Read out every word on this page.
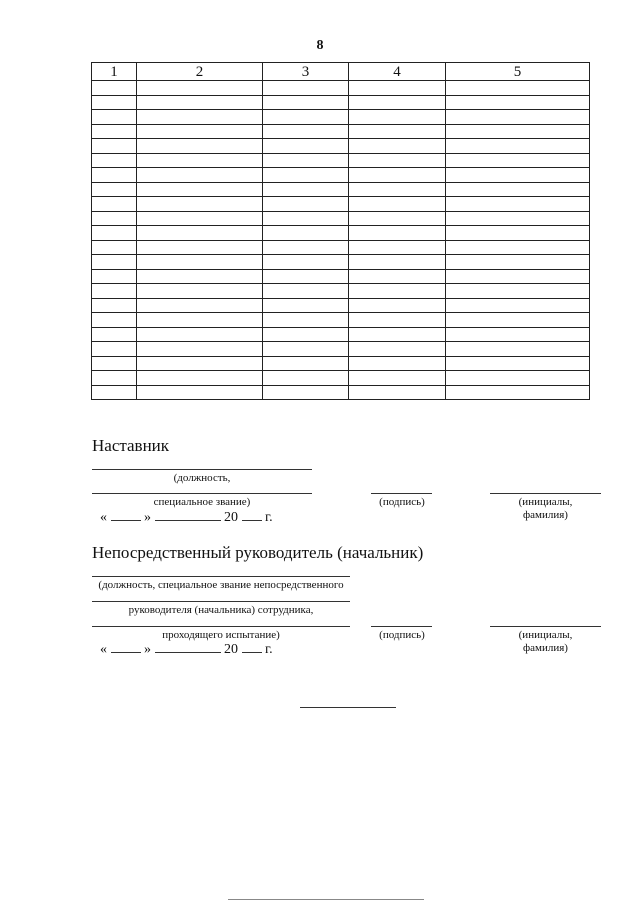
8
1	2	3	4	5

Наставник
(должность,
специальное звание)	(подпись)	(инициалы,
фамилия)
«	»	20 г.
Непосредственный руководитель (начальник)
(должность, специальное звание непосредственного
руководителя (начальника) сотрудника,
проходящего испытание)	(подпись)	(инициалы,
фамилия)
«	»	20 г.
